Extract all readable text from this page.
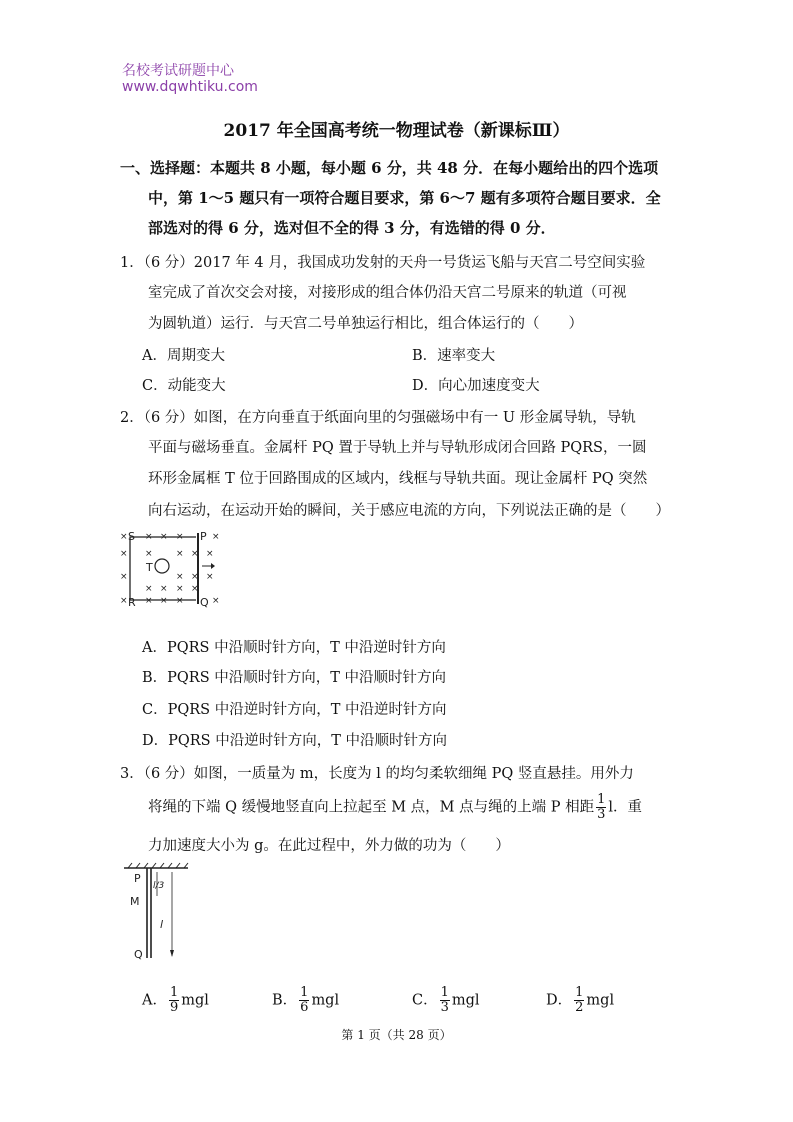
名校考试研题中心
www.dqwhtiku.com
2017 年全国高考统一物理试卷（新课标Ⅲ）
一、选择题：本题共 8 小题，每小题 6 分，共 48 分．在每小题给出的四个选项
中，第 1～5 题只有一项符合题目要求，第 6～7 题有多项符合题目要求．全
部选对的得 6 分，选对但不全的得 3 分，有选错的得 0 分．
1．（6 分）2017 年 4 月，我国成功发射的天舟一号货运飞船与天宫二号空间实验
室完成了首次交会对接，对接形成的组合体仍沿天宫二号原来的轨道（可视
为圆轨道）运行．与天宫二号单独运行相比，组合体运行的（　　）
A．周期变大	B．速率变大
C．动能变大	D．向心加速度变大
2．（6 分）如图，在方向垂直于纸面向里的匀强磁场中有一 U 形金属导轨，导轨
平面与磁场垂直。金属杆 PQ 置于导轨上并与导轨形成闭合回路 PQRS，一圆
环形金属框 T 位于回路围成的区域内，线框与导轨共面。现让金属杆 PQ 突然
向右运动，在运动开始的瞬间，关于感应电流的方向，下列说法正确的是（　　）
× × × ×	×
× ×	× × ×
×	× × ×
× × × ×
× × × ×	×
S	P
R	Q
T
A．PQRS 中沿顺时针方向，T 中沿逆时针方向
B．PQRS 中沿顺时针方向，T 中沿顺时针方向
C．PQRS 中沿逆时针方向，T 中沿逆时针方向
D．PQRS 中沿逆时针方向，T 中沿顺时针方向
3．（6 分）如图，一质量为 m，长度为 l 的均匀柔软细绳 PQ 竖直悬挂。用外力
将绳的下端 Q 缓慢地竖直向上拉起至 M 点，M 点与绳的上端 P 相距 $\frac{1}{3}$ l．重
力加速度大小为 g。在此过程中，外力做的功为（　　）
P
M
Q
l
l/3
A． $\frac{1}{9}$ mgl	B． $\frac{1}{6}$ mgl	C． $\frac{1}{3}$ mgl	D． $\frac{1}{2}$ mgl
第 1 页（共 28 页）
